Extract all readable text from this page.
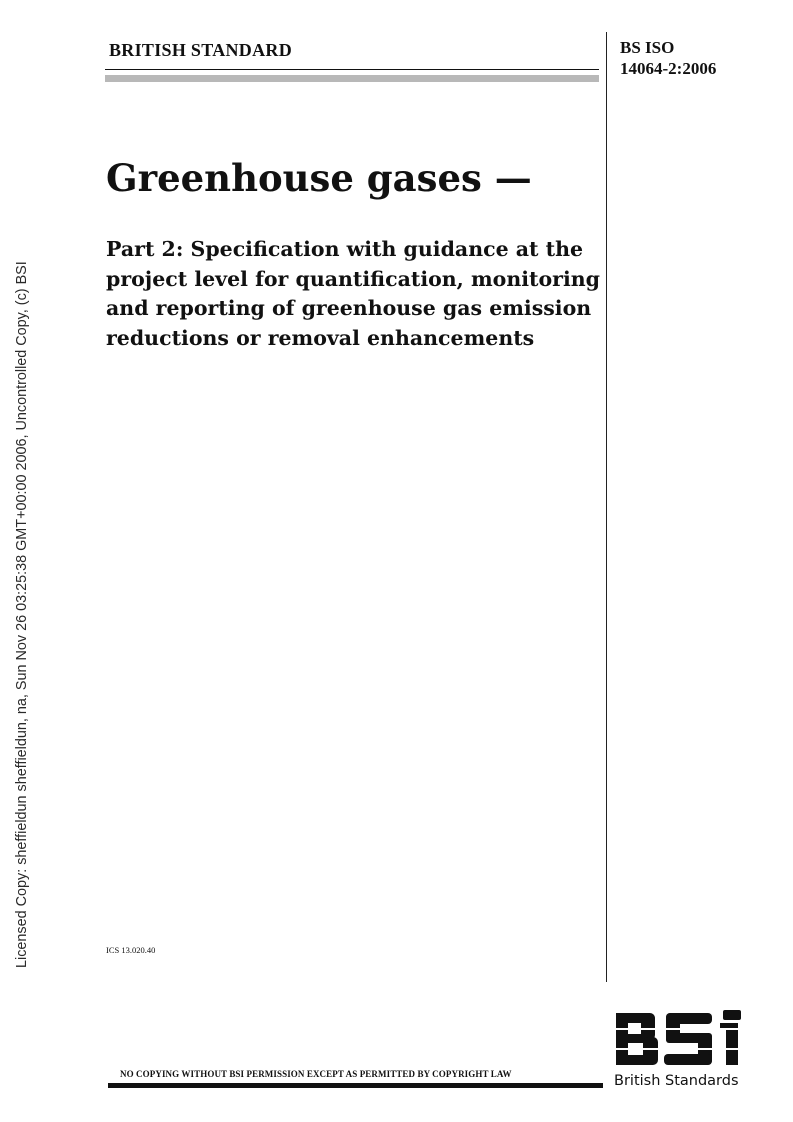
Licensed Copy: sheffieldun sheffieldun, na, Sun Nov 26 03:25:38 GMT+00:00 2006, Uncontrolled Copy, (c) BSI
BRITISH STANDARD	BS ISO
14064-2:2006
Greenhouse gases —
Part 2: Specification with guidance at the project level for quantification, monitoring and reporting of greenhouse gas emission reductions or removal enhancements
ICS 13.020.40
NO COPYING WITHOUT BSI PERMISSION EXCEPT AS PERMITTED BY COPYRIGHT LAW	British Standards
